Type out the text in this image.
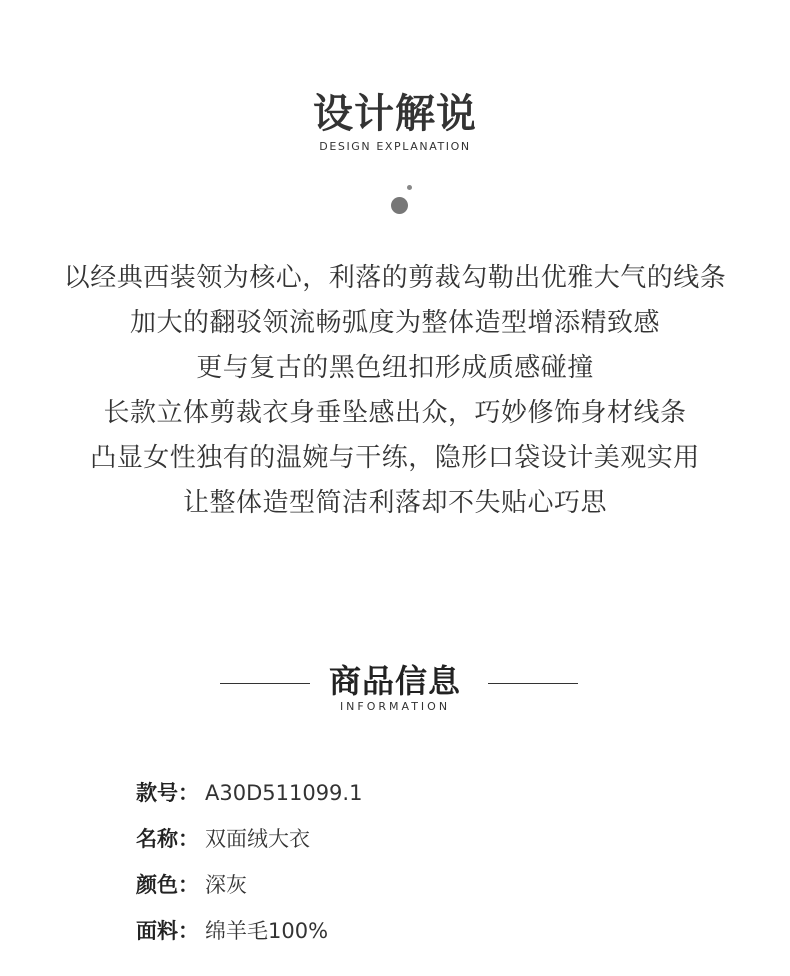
设计解说
DESIGN EXPLANATION
以经典西装领为核心，利落的剪裁勾勒出优雅大气的线条
加大的翻驳领流畅弧度为整体造型增添精致感
更与复古的黑色纽扣形成质感碰撞
长款立体剪裁衣身垂坠感出众，巧妙修饰身材线条
凸显女性独有的温婉与干练，隐形口袋设计美观实用
让整体造型简洁利落却不失贴心巧思
商品信息
INFORMATION
款号： A30D511099.1
名称： 双面绒大衣
颜色： 深灰
面料： 绵羊毛100%
